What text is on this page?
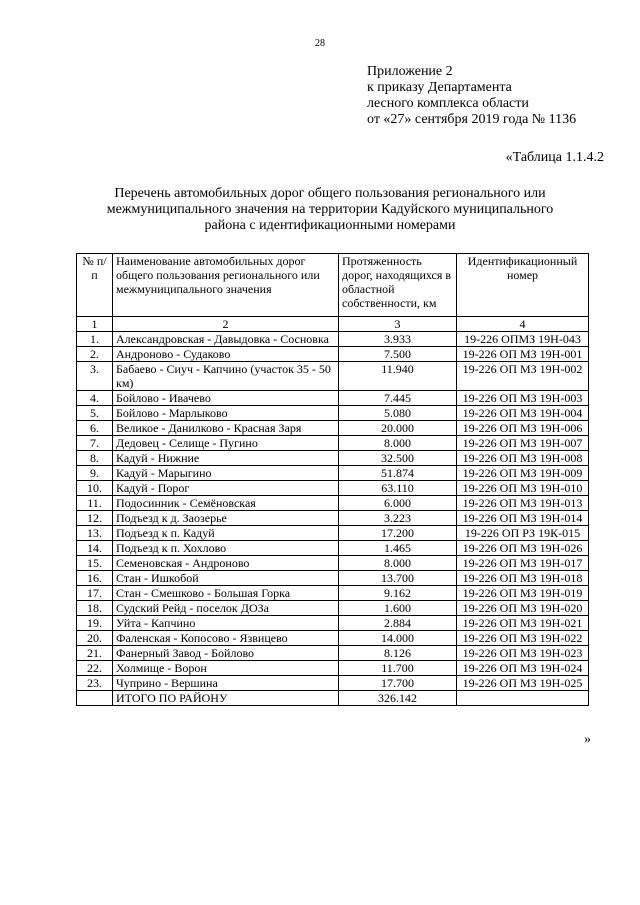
28
Приложение 2
к приказу Департамента
лесного комплекса области
от «27» сентября 2019 года № 1136
«Таблица 1.1.4.2
Перечень автомобильных дорог общего пользования регионального или
межмуниципального значения на территории Кадуйского муниципального
района с идентификационными номерами
№ п/п	Наименование автомобильных дорог общего пользования регионального или межмуниципального значения	Протяженность дорог, находящихся в областной собственности, км	Идентификационный номер
1	2	3	4
1.	Александровская - Давыдовка - Сосновка	3.933	19-226 ОПМЗ 19Н-043
2.	Андроново - Судаково	7.500	19-226 ОП МЗ 19Н-001
3.	Бабаево - Сиуч - Капчино (участок 35 - 50 км)	11.940	19-226 ОП МЗ 19Н-002
4.	Бойлово - Ивачево	7.445	19-226 ОП МЗ 19Н-003
5.	Бойлово - Марлыково	5.080	19-226 ОП МЗ 19Н-004
6.	Великое - Данилково - Красная Заря	20.000	19-226 ОП МЗ 19Н-006
7.	Дедовец - Селище - Пугино	8.000	19-226 ОП МЗ 19Н-007
8.	Кадуй - Нижние	32.500	19-226 ОП МЗ 19Н-008
9.	Кадуй - Марыгино	51.874	19-226 ОП МЗ 19Н-009
10.	Кадуй - Порог	63.110	19-226 ОП МЗ 19Н-010
11.	Подосинник - Семёновская	6.000	19-226 ОП МЗ 19Н-013
12.	Подъезд к д. Заозерье	3.223	19-226 ОП МЗ 19Н-014
13.	Подъезд к п. Кадуй	17.200	19-226 ОП РЗ 19К-015
14.	Подъезд к п. Хохлово	1.465	19-226 ОП МЗ 19Н-026
15.	Семеновская - Андроново	8.000	19-226 ОП МЗ 19Н-017
16.	Стан - Ишкобой	13.700	19-226 ОП МЗ 19Н-018
17.	Стан - Смешково - Большая Горка	9.162	19-226 ОП МЗ 19Н-019
18.	Судский Рейд - поселок ДОЗа	1.600	19-226 ОП МЗ 19Н-020
19.	Уйта - Капчино	2.884	19-226 ОП МЗ 19Н-021
20.	Фаленская - Копосово - Язвицево	14.000	19-226 ОП МЗ 19Н-022
21.	Фанерный Завод - Бойлово	8.126	19-226 ОП МЗ 19Н-023
22.	Холмище - Ворон	11.700	19-226 ОП МЗ 19Н-024
23.	Чуприно - Вершина	17.700	19-226 ОП МЗ 19Н-025
	ИТОГО ПО РАЙОНУ	326.142	
»
